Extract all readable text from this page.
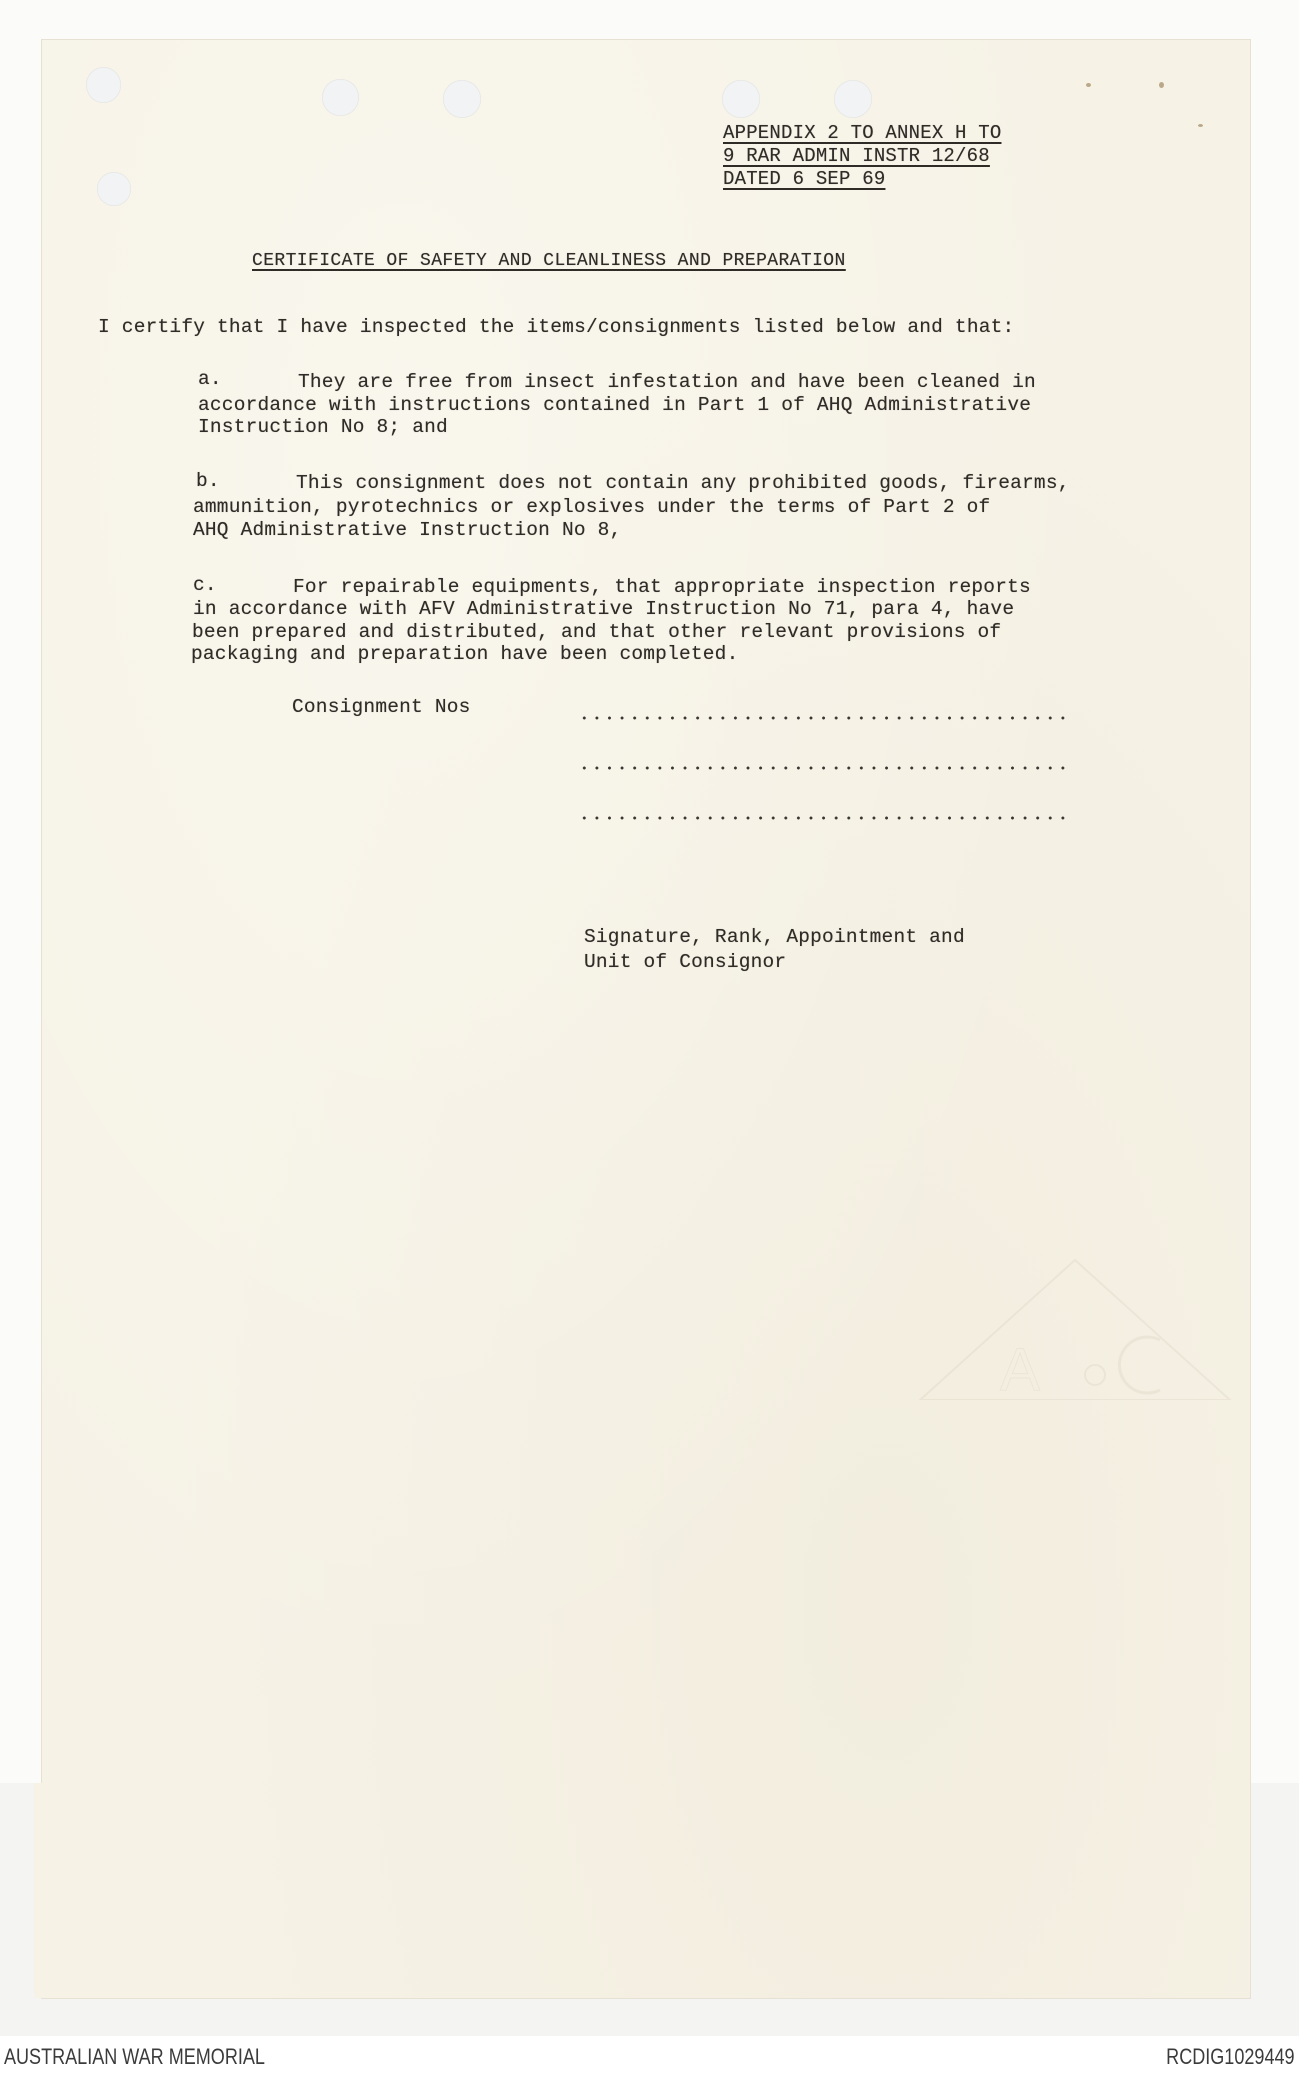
APPENDIX 2 TO ANNEX H TO
9 RAR ADMIN INSTR 12/68
DATED 6 SEP 69
CERTIFICATE OF SAFETY AND CLEANLINESS AND PREPARATION
I certify that I have inspected the items/consignments listed below and that:
a.	They are free from insect infestation and have been cleaned in
accordance with instructions contained in Part 1 of AHQ Administrative
Instruction No 8; and
b.	This consignment does not contain any prohibited goods, firearms,
ammunition, pyrotechnics or explosives under the terms of Part 2 of
AHQ Administrative Instruction No 8,
c.	For repairable equipments, that appropriate inspection reports
in accordance with AFV Administrative Instruction No 71, para 4, have
been prepared and distributed, and that other relevant provisions of
packaging and preparation have been completed.
Consignment Nos
Signature, Rank, Appointment and
Unit of Consignor
A
AUSTRALIAN WAR MEMORIAL	RCDIG1029449
